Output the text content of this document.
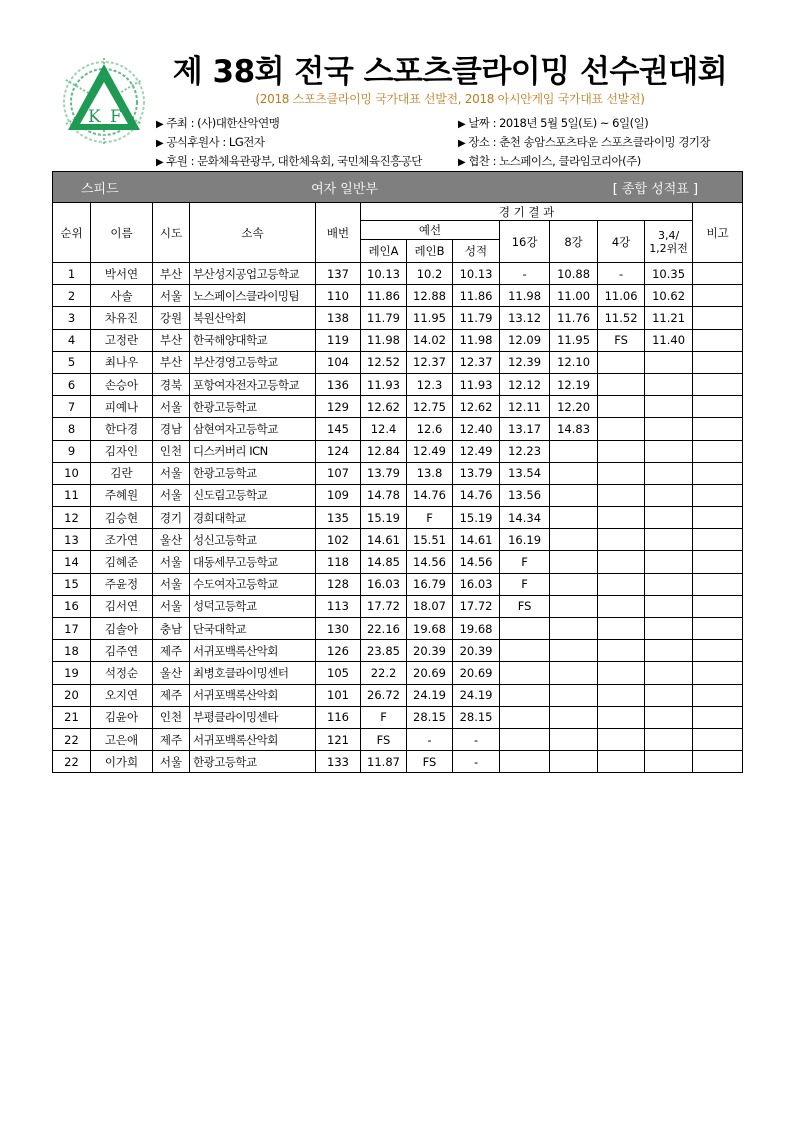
K F
제 38회 전국 스포츠클라이밍 선수권대회
(2018 스포츠클라이밍 국가대표 선발전, 2018 아시안게임 국가대표 선발전)
▶ 주최 : (사)대한산악연맹
▶ 공식후원사 : LG전자
▶ 후원 : 문화체육관광부, 대한체육회, 국민체육진흥공단
▶ 날짜 : 2018년 5월 5일(토) ~ 6일(일)
▶ 장소 : 춘천 송암스포츠타운 스포츠클라이밍 경기장
▶ 협찬 : 노스페이스, 클라임코리아(주)
스피드			여자 일반부					[ 종합 성적표 ]				
순위	이름	시도	소속	배번	경 기 결 과							비고
					예선			16강	8강	4강	3,4/
1,2위전	
					레인A	레인B	성적					
1	박서연	부산	부산성지공업고등학교	137	10.13	10.2	10.13	-	10.88	-	10.35	
2	사솔	서울	노스페이스클라이밍팀	110	11.86	12.88	11.86	11.98	11.00	11.06	10.62	
3	차유진	강원	북원산악회	138	11.79	11.95	11.79	13.12	11.76	11.52	11.21	
4	고정란	부산	한국해양대학교	119	11.98	14.02	11.98	12.09	11.95	FS	11.40	
5	최나우	부산	부산경영고등학교	104	12.52	12.37	12.37	12.39	12.10			
6	손승아	경북	포항여자전자고등학교	136	11.93	12.3	11.93	12.12	12.19			
7	피예나	서울	한광고등학교	129	12.62	12.75	12.62	12.11	12.20			
8	한다경	경남	삼현여자고등학교	145	12.4	12.6	12.40	13.17	14.83			
9	김자인	인천	디스커버리 ICN	124	12.84	12.49	12.49	12.23				
10	김란	서울	한광고등학교	107	13.79	13.8	13.79	13.54				
11	주혜원	서울	신도림고등학교	109	14.78	14.76	14.76	13.56				
12	김승현	경기	경희대학교	135	15.19	F	15.19	14.34				
13	조가연	울산	성신고등학교	102	14.61	15.51	14.61	16.19				
14	김혜준	서울	대동세무고등학교	118	14.85	14.56	14.56	F				
15	주윤정	서울	수도여자고등학교	128	16.03	16.79	16.03	F				
16	김서연	서울	성덕고등학교	113	17.72	18.07	17.72	FS				
17	김솔아	충남	단국대학교	130	22.16	19.68	19.68					
18	김주연	제주	서귀포백록산악회	126	23.85	20.39	20.39					
19	석정순	울산	최병호클라이밍센터	105	22.2	20.69	20.69					
20	오지연	제주	서귀포백록산악회	101	26.72	24.19	24.19					
21	김윤아	인천	부평클라이밍센타	116	F	28.15	28.15					
22	고은애	제주	서귀포백록산악회	121	FS	-	-					
22	이가희	서울	한광고등학교	133	11.87	FS	-					
